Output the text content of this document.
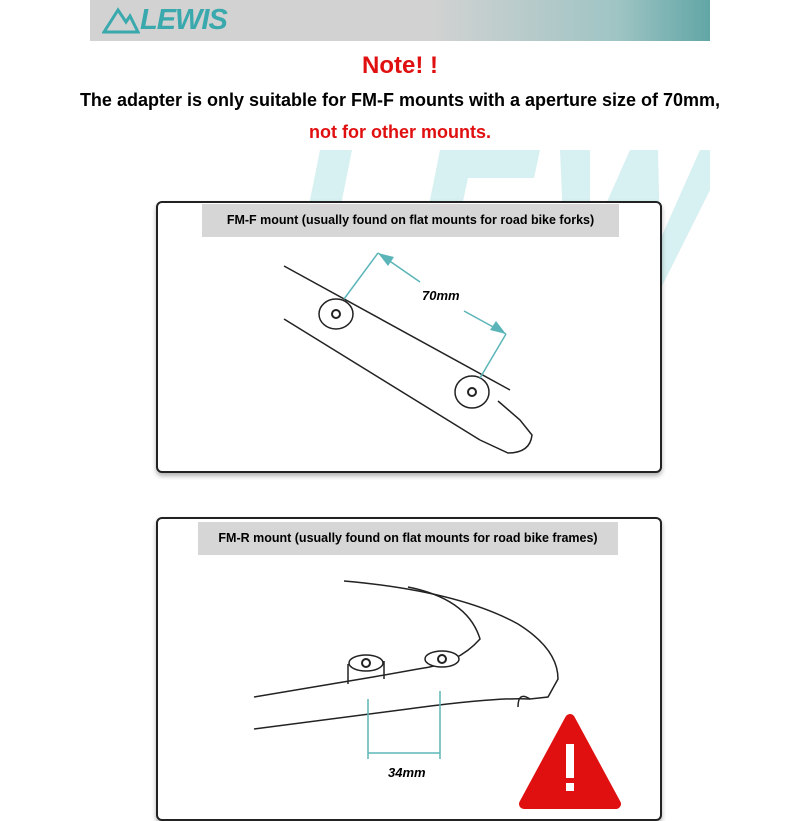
LEWIS
Note! !
The adapter is only suitable for FM-F mounts with a aperture size of 70mm,
not for other mounts.
FM-F mount (usually found on flat mounts for road bike forks)
70mm
FM-R mount (usually found on flat mounts for road bike frames)
34mm
